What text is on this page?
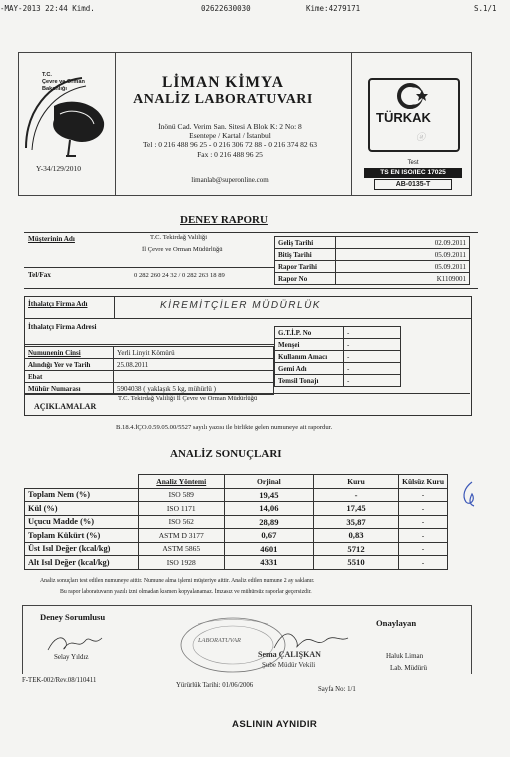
-MAY-2013 22:44 Kimd.	02622630030	Kime:4279171	S.1/1
T.C.
Çevre ve Orman
Bakanlığı
Y-34/129/2010
LİMAN KİMYA
ANALİZ LABORATUVARI
İnönü Cad. Verim San. Sitesi A Blok K: 2 No: 8
Esentepe / Kartal / İstanbul
Tel : 0 216 488 96 25 - 0 216 306 72 88 - 0 216 374 82 63
Fax : 0 216 488 96 25
limanlab@superonline.com
TÜRKAK
ⓐ
Test
TS EN ISO/IEC 17025
AB-0135-T
DENEY RAPORU
Müşterinin Adı	T.C. Tekirdağ Valiliği
İl Çevre ve Orman Müdürlüğü
Tel/Fax	0 282 260 24 32 / 0 282 263 18 89
Geliş Tarihi	02.09.2011
Bitiş Tarihi	05.09.2011
Rapor Tarihi	05.09.2011
Rapor No	K1109001
İthalatçı Firma Adı	KİREMİTÇİLER MÜDÜRLÜK
İthalatçı Firma Adresi
G.T.İ.P. No	-
Menşei	-
Kullanım Amacı	-
Gemi Adı	-
Temsil Tonajı	-
Numunenin Cinsi	Yerli Linyit Kömürü
Alındığı Yer ve Tarih	25.08.2011
Ebat	
Mühür Numarası	5904038 ( yaklaşık 5 kg, mühürlü )
AÇIKLAMALAR
T.C. Tekirdağ Valiliği İl Çevre ve Orman Müdürlüğü
B.18.4.İÇO.0.59.05.00/5527 sayılı yazısı ile birlikte gelen numuneye ait rapordur.
ANALİZ SONUÇLARI
	Analiz Yöntemi	Orjinal	Kuru	Külsüz Kuru
Toplam Nem (%)	ISO 589	19,45	-	-
Kül (%)	ISO 1171	14,06	17,45	-
Uçucu Madde (%)	ISO 562	28,89	35,87	-
Toplam Kükürt (%)	ASTM D 3177	0,67	0,83	-
Üst Isıl Değer (kcal/kg)	ASTM 5865	4601	5712	-
Alt Isıl Değer (kcal/kg)	ISO 1928	4331	5510	-
Analiz sonuçları test edilen numuneye aittir. Numune alma işlemi müşteriye aittir. Analiz edilen numune 2 ay saklanır.
Bu rapor laboratuvarın yazılı izni olmadan kısmen kopyalanamaz. İmzasız ve mühürsüz raporlar geçersizdir.
Deney Sorumlusu
Selay Yıldız
LABORATUVAR
Sema ÇALIŞKAN
Şube Müdür Vekili
Onaylayan
Haluk Liman
Lab. Müdürü
F-TEK-002/Rev.08/110411
Yürürlük Tarihi: 01/06/2006
Sayfa No: 1/1
ASLININ AYNIDIR
